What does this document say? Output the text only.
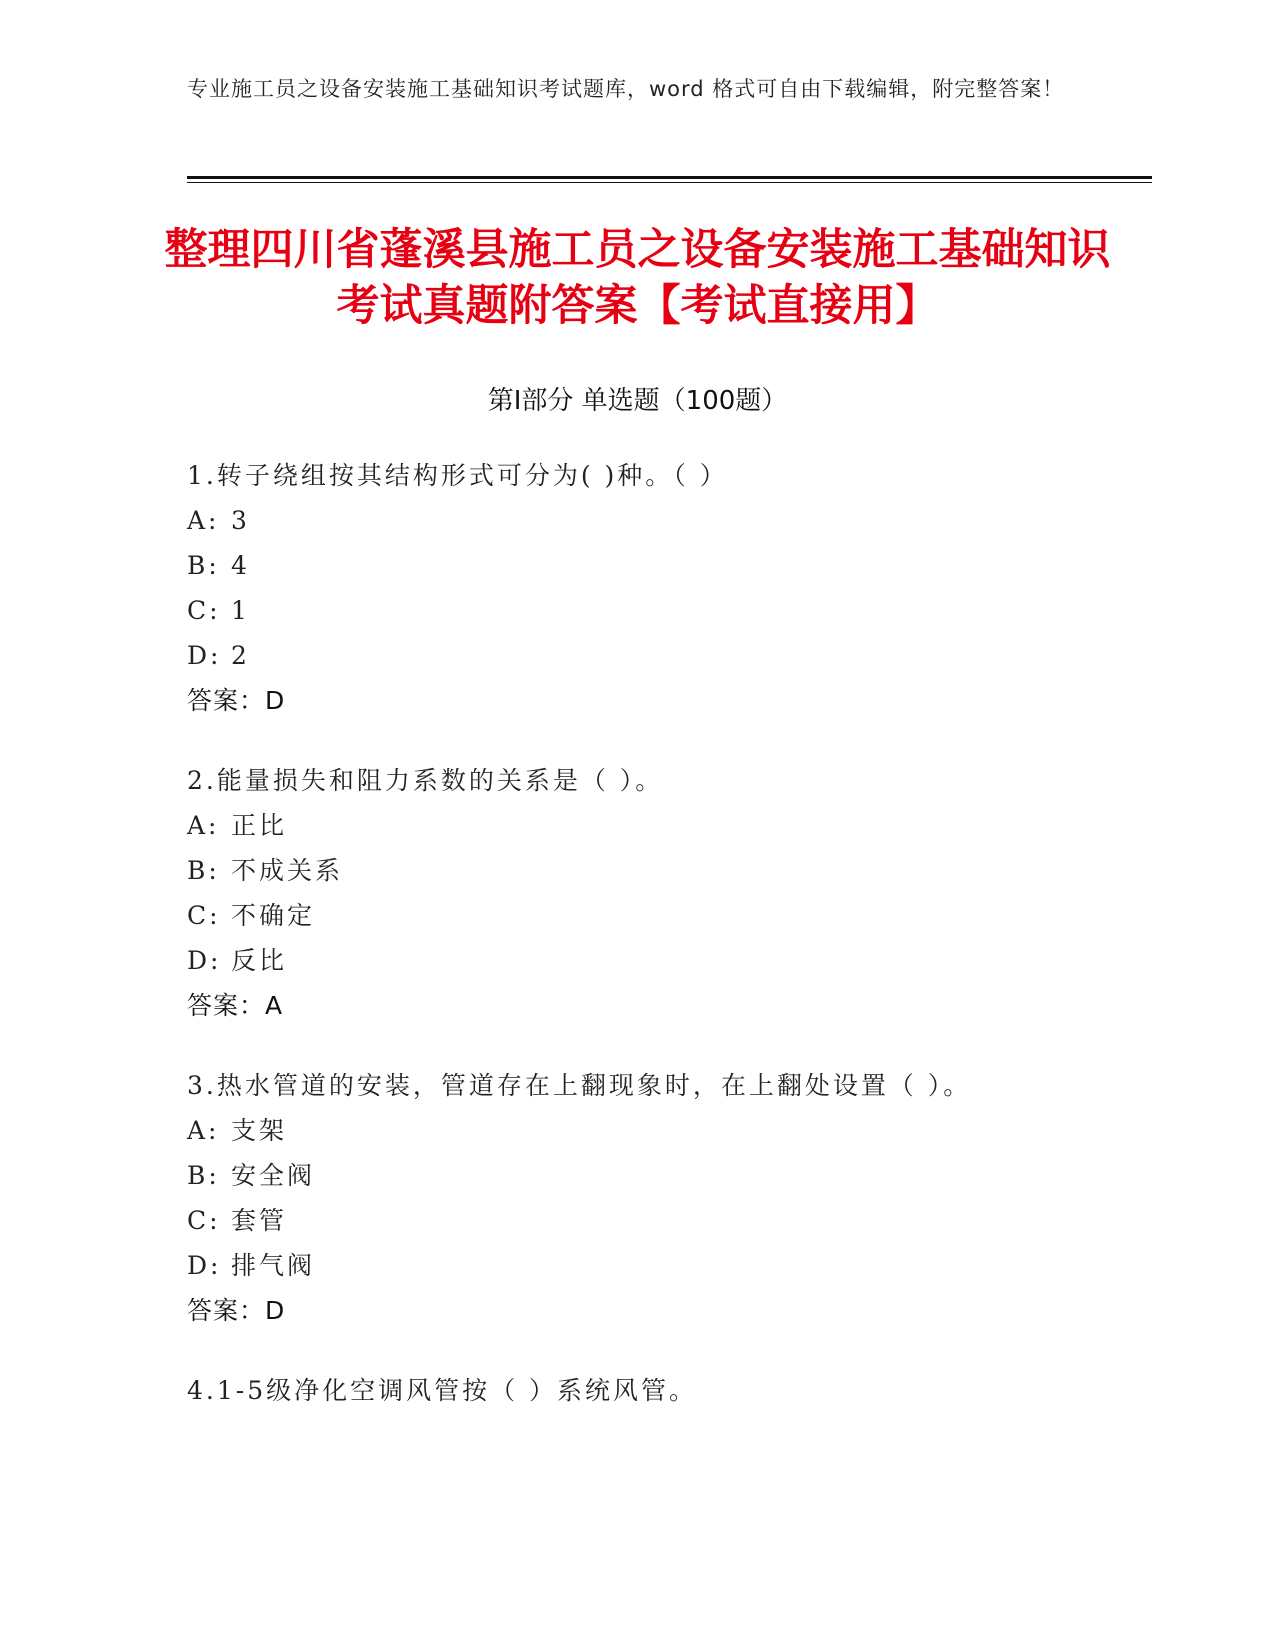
专业施工员之设备安装施工基础知识考试题库，word 格式可自由下载编辑，附完整答案！
整理四川省蓬溪县施工员之设备安装施工基础知识考试真题附答案【考试直接用】
第Ⅰ部分 单选题（100题）
1.转子绕组按其结构形式可分为( )种。（ ）
A: 3
B: 4
C: 1
D: 2
答案：D
2.能量损失和阻力系数的关系是（ ）。
A: 正比
B: 不成关系
C: 不确定
D: 反比
答案：A
3.热水管道的安装，管道存在上翻现象时，在上翻处设置（ ）。
A: 支架
B: 安全阀
C: 套管
D: 排气阀
答案：D
4.1-5级净化空调风管按（ ）系统风管。
